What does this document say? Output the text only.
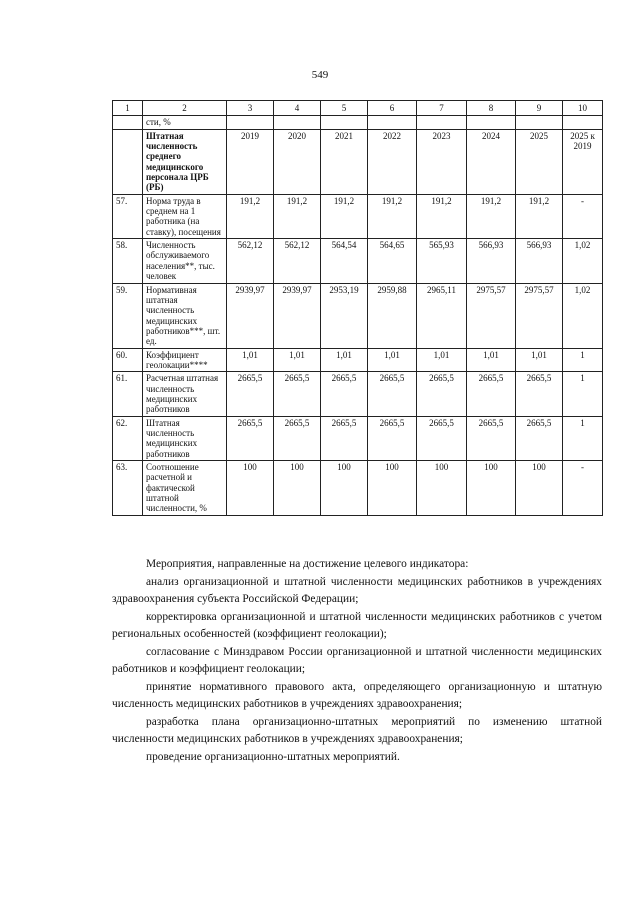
549
1	2	3	4	5	6	7	8	9	10
	сти, %								
	Штатная численность среднего медицинского персонала ЦРБ (РБ)	2019	2020	2021	2022	2023	2024	2025	2025 к 2019
57.	Норма труда в среднем на 1 работника (на ставку), посещения	191,2	191,2	191,2	191,2	191,2	191,2	191,2	-
58.	Численность обслуживаемого населения**, тыс. человек	562,12	562,12	564,54	564,65	565,93	566,93	566,93	1,02
59.	Нормативная штатная численность медицинских работников***, шт. ед.	2939,97	2939,97	2953,19	2959,88	2965,11	2975,57	2975,57	1,02
60.	Коэффициент геолокации****	1,01	1,01	1,01	1,01	1,01	1,01	1,01	1
61.	Расчетная штатная численность медицинских работников	2665,5	2665,5	2665,5	2665,5	2665,5	2665,5	2665,5	1
62.	Штатная численность медицинских работников	2665,5	2665,5	2665,5	2665,5	2665,5	2665,5	2665,5	1
63.	Соотношение расчетной и фактической штатной численности, %	100	100	100	100	100	100	100	-

Мероприятия, направленные на достижение целевого индикатора:

анализ организационной и штатной численности медицинских работников в учреждениях здравоохранения субъекта Российской Федерации;

корректировка организационной и штатной численности медицинских работников с учетом региональных особенностей (коэффициент геолокации);

согласование с Минздравом России организационной и штатной численности медицинских работников и коэффициент геолокации;

принятие нормативного правового акта, определяющего организационную и штатную численность медицинских работников в учреждениях здравоохранения;

разработка плана организационно-штатных мероприятий по изменению штатной численности медицинских работников в учреждениях здравоохранения;

проведение организационно-штатных мероприятий.
